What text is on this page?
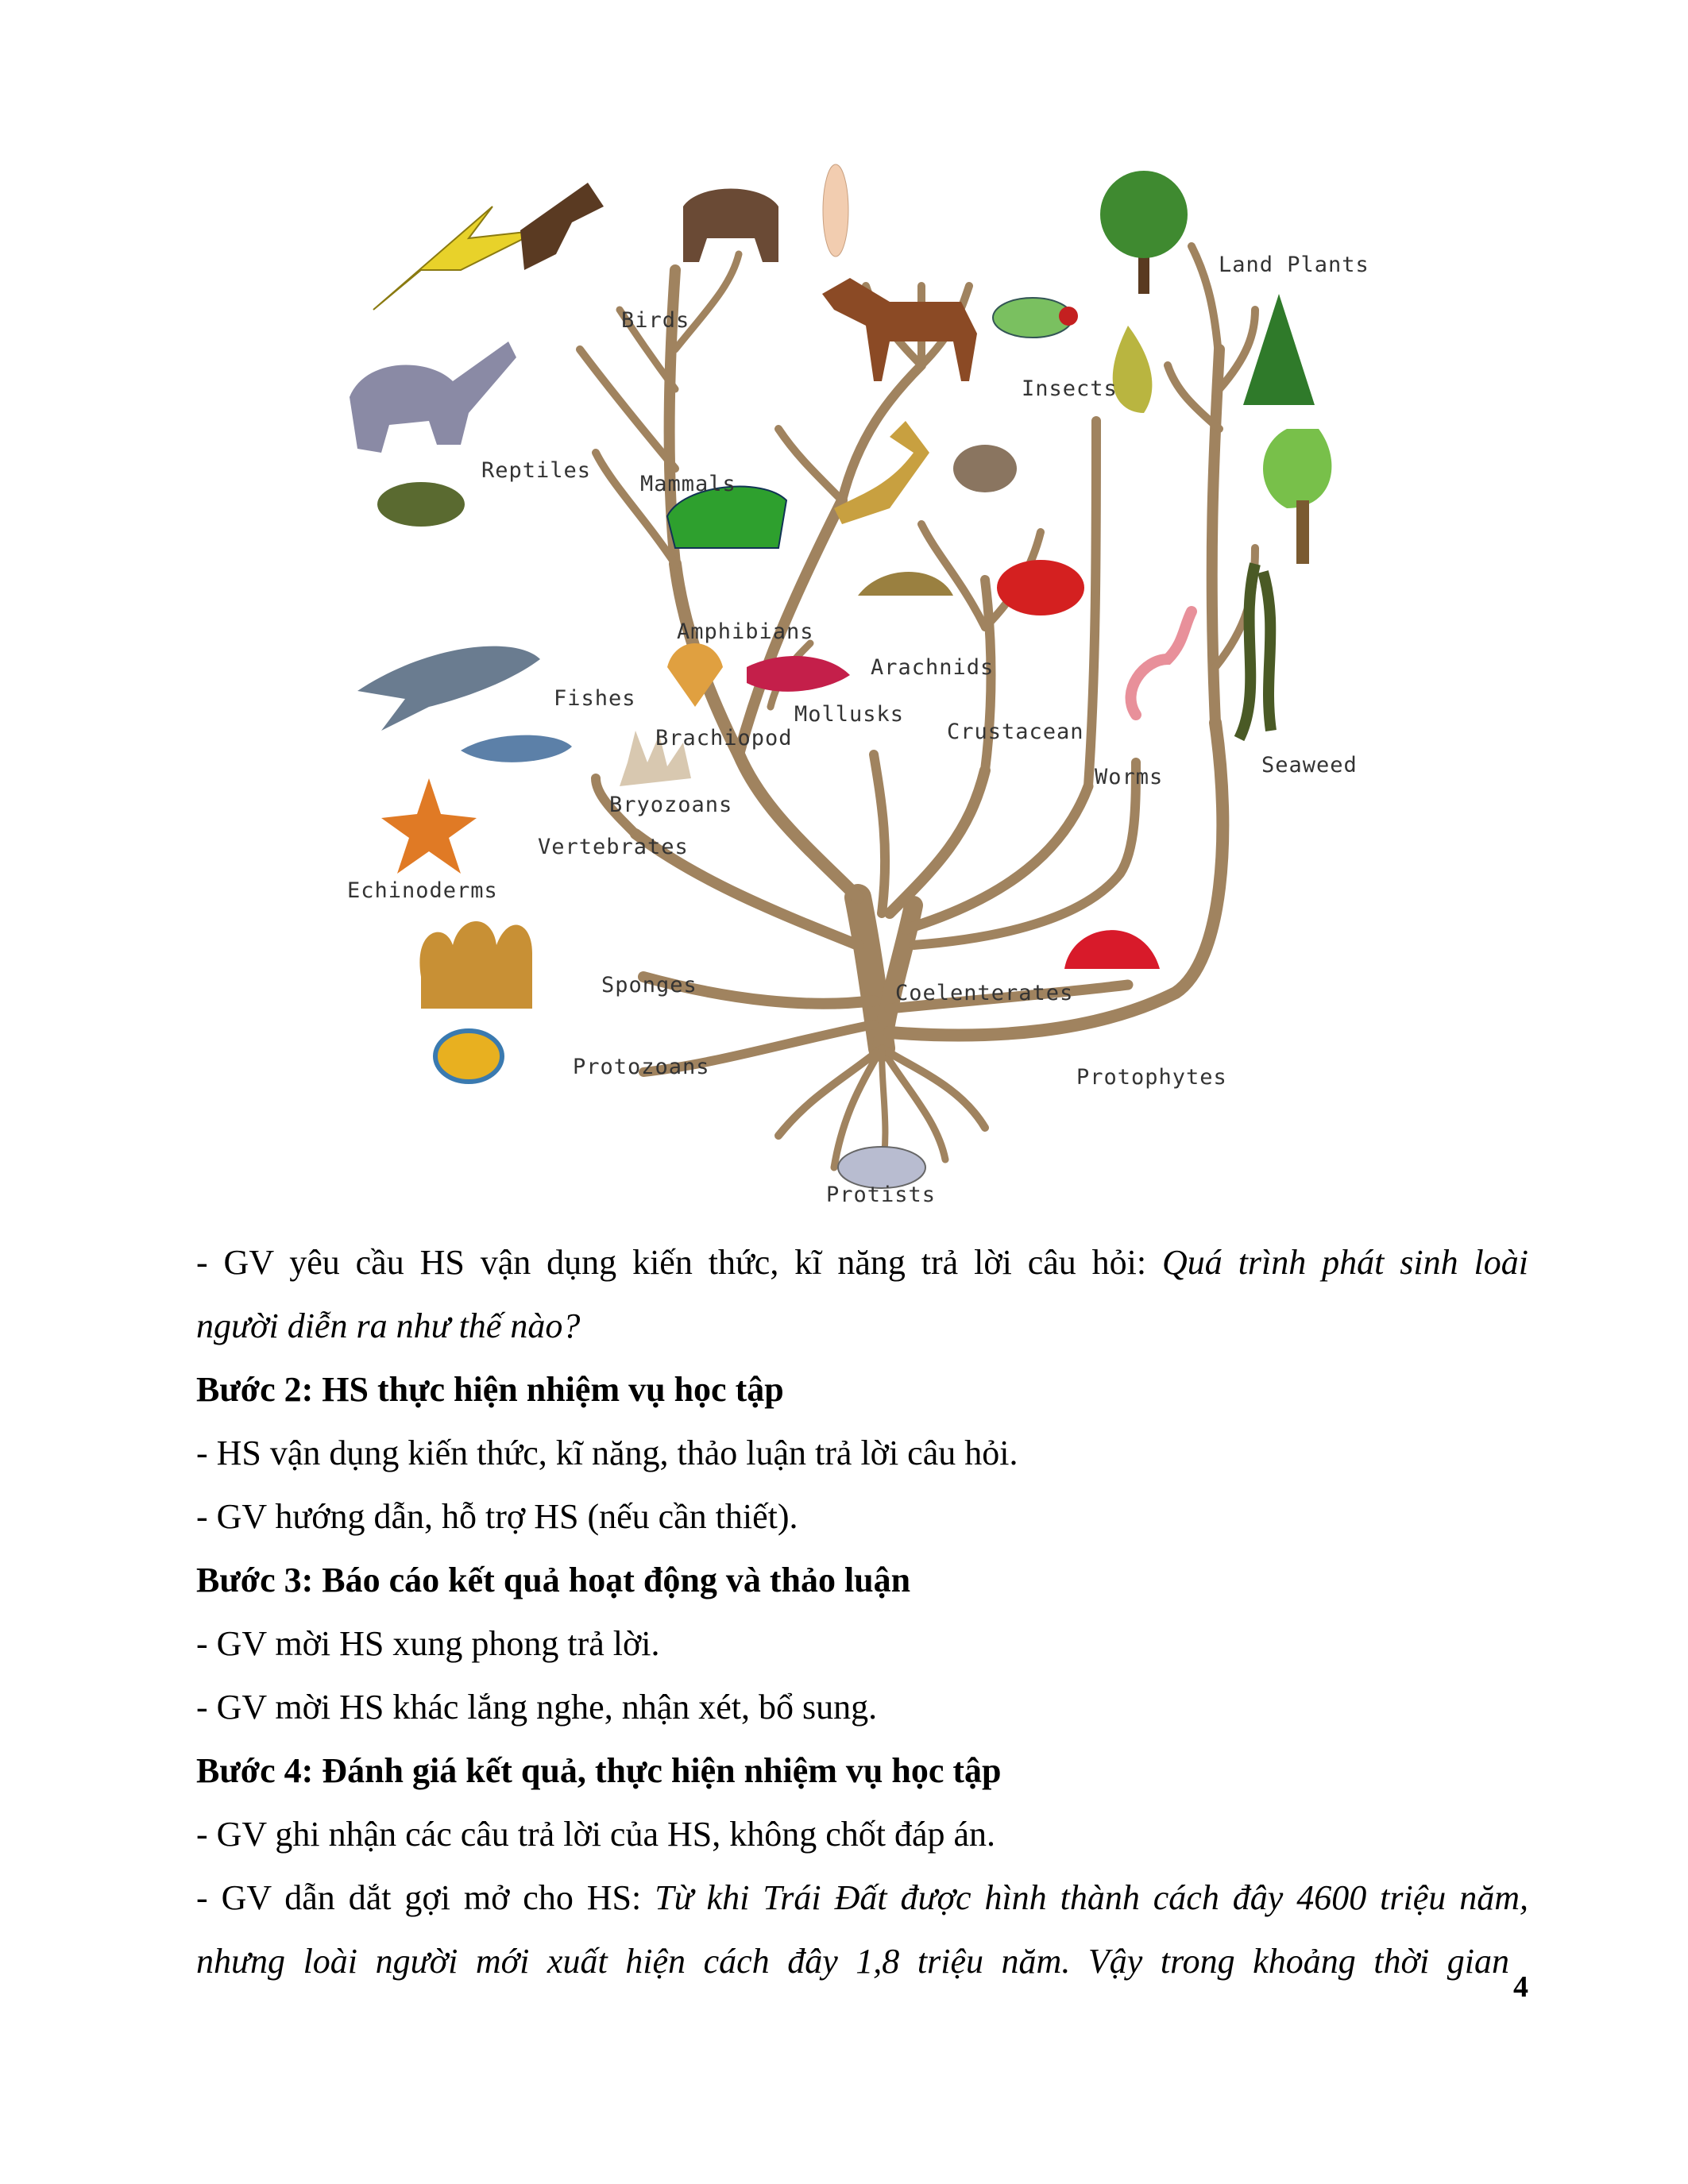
Birds
Mammals
Land Plants
Insects
Reptiles
Amphibians
Arachnids
Fishes
Brachiopod
Mollusks
Crustacean
Worms	Seaweed
Bryozoans
Vertebrates
Echinoderms
Sponges	Coelenterates
Protozoans	Protophytes
Protists
- GV yêu cầu HS vận dụng kiến thức, kĩ năng trả lời câu hỏi: Quá trình phát sinh loài
người diễn ra như thế nào?
Bước 2: HS thực hiện nhiệm vụ học tập
- HS vận dụng kiến thức, kĩ năng, thảo luận trả lời câu hỏi.
- GV hướng dẫn, hỗ trợ HS (nếu cần thiết).
Bước 3: Báo cáo kết quả hoạt động và thảo luận
- GV mời HS xung phong trả lời.
- GV mời HS khác lắng nghe, nhận xét, bổ sung.
Bước 4: Đánh giá kết quả, thực hiện nhiệm vụ học tập
- GV ghi nhận các câu trả lời của HS, không chốt đáp án.
- GV dẫn dắt gợi mở cho HS: Từ khi Trái Đất được hình thành cách đây 4600 triệu năm,
nhưng loài người mới xuất hiện cách đây 1,8 triệu năm. Vậy trong khoảng thời gian
4
